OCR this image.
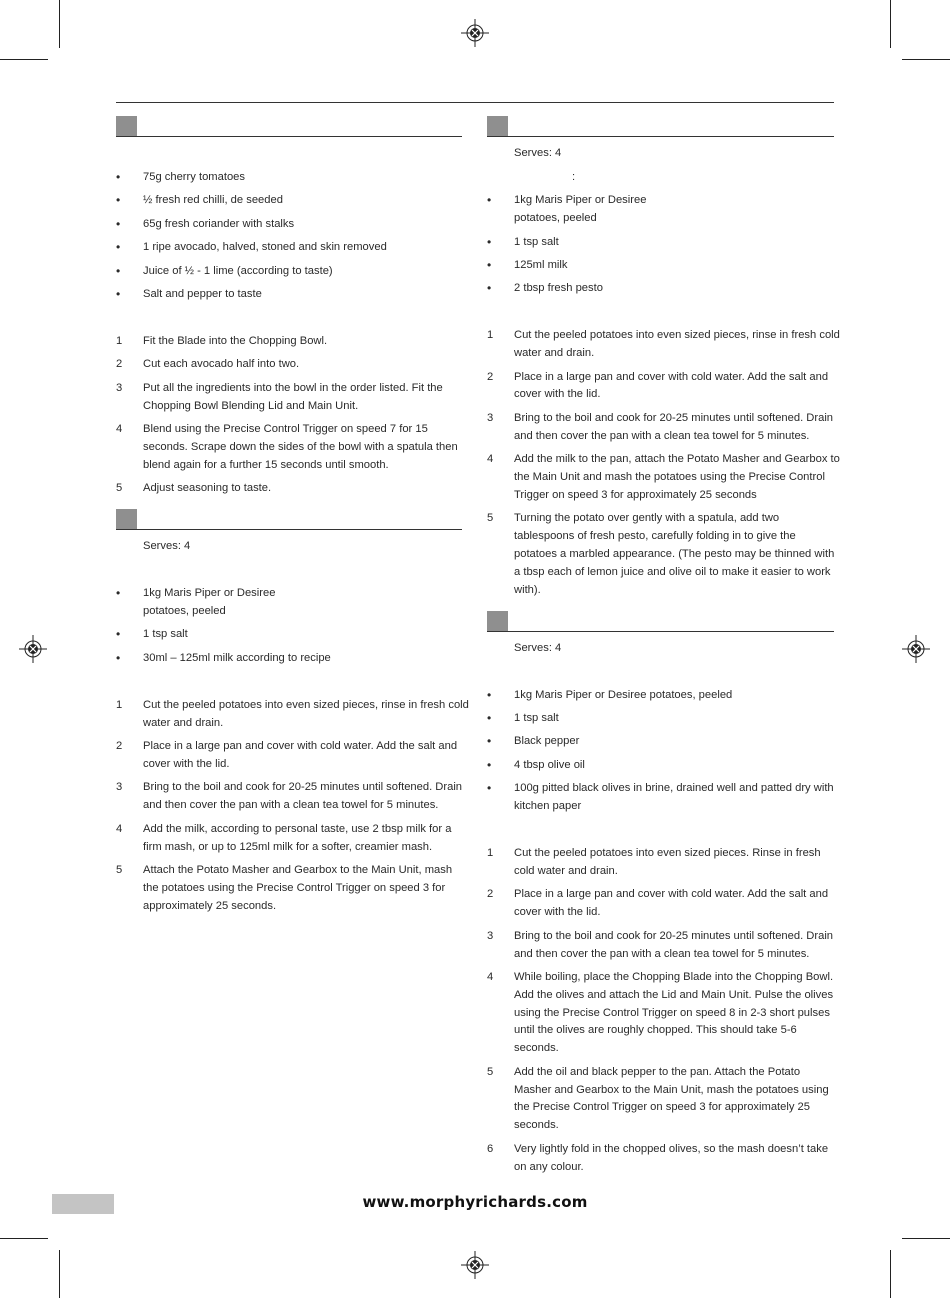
• 75g cherry tomatoes
• ½ fresh red chilli, de seeded
• 65g fresh coriander with stalks
• 1 ripe avocado, halved, stoned and skin removed
• Juice of ½ - 1 lime (according to taste)
• Salt and pepper to taste
1 Fit the Blade into the Chopping Bowl.
2 Cut each avocado half into two.
3 Put all the ingredients into the bowl in the order listed. Fit the
Chopping Bowl Blending Lid and Main Unit.
4 Blend using the Precise Control Trigger on speed 7 for 15
seconds. Scrape down the sides of the bowl with a spatula then
blend again for a further 15 seconds until smooth.
5 Adjust seasoning to taste.
Serves: 4
• 1kg Maris Piper or Desiree
potatoes, peeled
• 1 tsp salt
• 30ml – 125ml milk according to recipe
1 Cut the peeled potatoes into even sized pieces, rinse in fresh cold
water and drain.
2 Place in a large pan and cover with cold water. Add the salt and
cover with the lid.
3 Bring to the boil and cook for 20-25 minutes until softened. Drain
and then cover the pan with a clean tea towel for 5 minutes.
4 Add the milk, according to personal taste, use 2 tbsp milk for a
firm mash, or up to 125ml milk for a softer, creamier mash.
5 Attach the Potato Masher and Gearbox to the Main Unit, mash
the potatoes using the Precise Control Trigger on speed 3 for
approximately 25 seconds.
Serves: 4
:
• 1kg Maris Piper or Desiree
potatoes, peeled
• 1 tsp salt
• 125ml milk
• 2 tbsp fresh pesto
1 Cut the peeled potatoes into even sized pieces, rinse in fresh cold
water and drain.
2 Place in a large pan and cover with cold water. Add the salt and
cover with the lid.
3 Bring to the boil and cook for 20-25 minutes until softened. Drain
and then cover the pan with a clean tea towel for 5 minutes.
4 Add the milk to the pan, attach the Potato Masher and Gearbox to
the Main Unit and mash the potatoes using the Precise Control
Trigger on speed 3 for approximately 25 seconds
5 Turning the potato over gently with a spatula, add two
tablespoons of fresh pesto, carefully folding in to give the
potatoes a marbled appearance. (The pesto may be thinned with
a tbsp each of lemon juice and olive oil to make it easier to work
with).
Serves: 4
• 1kg Maris Piper or Desiree potatoes, peeled
• 1 tsp salt
• Black pepper
• 4 tbsp olive oil
• 100g pitted black olives in brine, drained well and patted dry with
kitchen paper
1 Cut the peeled potatoes into even sized pieces. Rinse in fresh
cold water and drain.
2 Place in a large pan and cover with cold water. Add the salt and
cover with the lid.
3 Bring to the boil and cook for 20-25 minutes until softened. Drain
and then cover the pan with a clean tea towel for 5 minutes.
4 While boiling, place the Chopping Blade into the Chopping Bowl.
Add the olives and attach the Lid and Main Unit. Pulse the olives
using the Precise Control Trigger on speed 8 in 2-3 short pulses
until the olives are roughly chopped. This should take 5-6
seconds.
5 Add the oil and black pepper to the pan. Attach the Potato
Masher and Gearbox to the Main Unit, mash the potatoes using
the Precise Control Trigger on speed 3 for approximately 25
seconds.
6 Very lightly fold in the chopped olives, so the mash doesn’t take
on any colour.
www.morphyrichards.com
